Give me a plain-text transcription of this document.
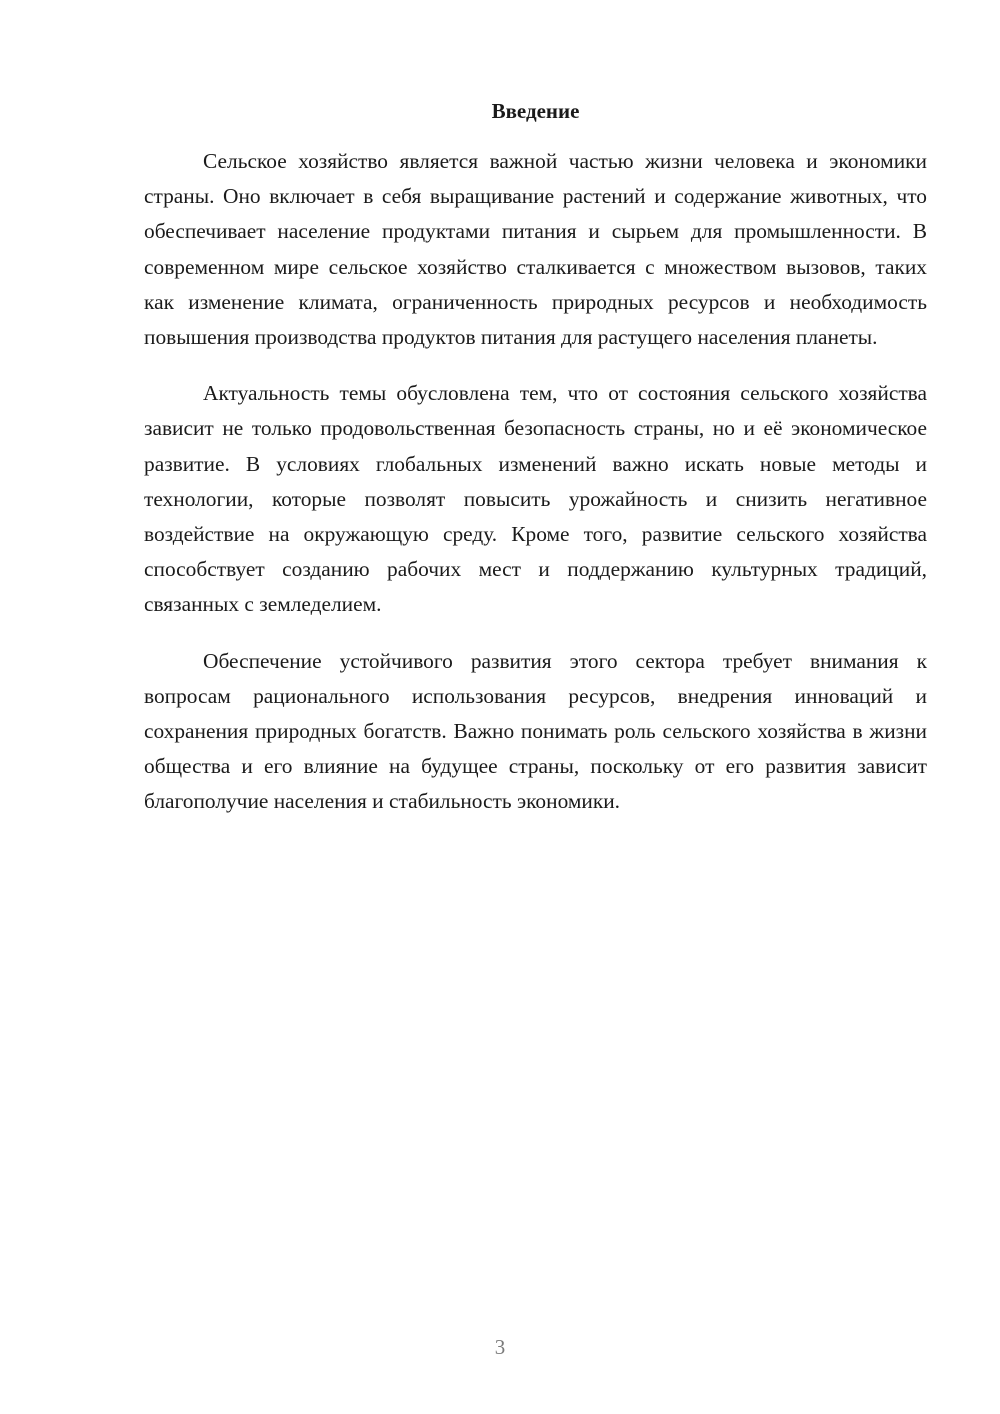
Введение

Сельское хозяйство является важной частью жизни человека и экономики страны. Оно включает в себя выращивание растений и содержание животных, что обеспечивает население продуктами питания и сырьем для промышленности. В современном мире сельское хозяйство сталкивается с множеством вызовов, таких как изменение климата, ограниченность природных ресурсов и необходимость повышения производства продуктов питания для растущего населения планеты.

Актуальность темы обусловлена тем, что от состояния сельского хозяйства зависит не только продовольственная безопасность страны, но и её экономическое развитие. В условиях глобальных изменений важно искать новые методы и технологии, которые позволят повысить урожайность и снизить негативное воздействие на окружающую среду. Кроме того, развитие сельского хозяйства способствует созданию рабочих мест и поддержанию культурных традиций, связанных с земледелием.

Обеспечение устойчивого развития этого сектора требует внимания к вопросам рационального использования ресурсов, внедрения инноваций и сохранения природных богатств. Важно понимать роль сельского хозяйства в жизни общества и его влияние на будущее страны, поскольку от его развития зависит благополучие населения и стабильность экономики.

3
